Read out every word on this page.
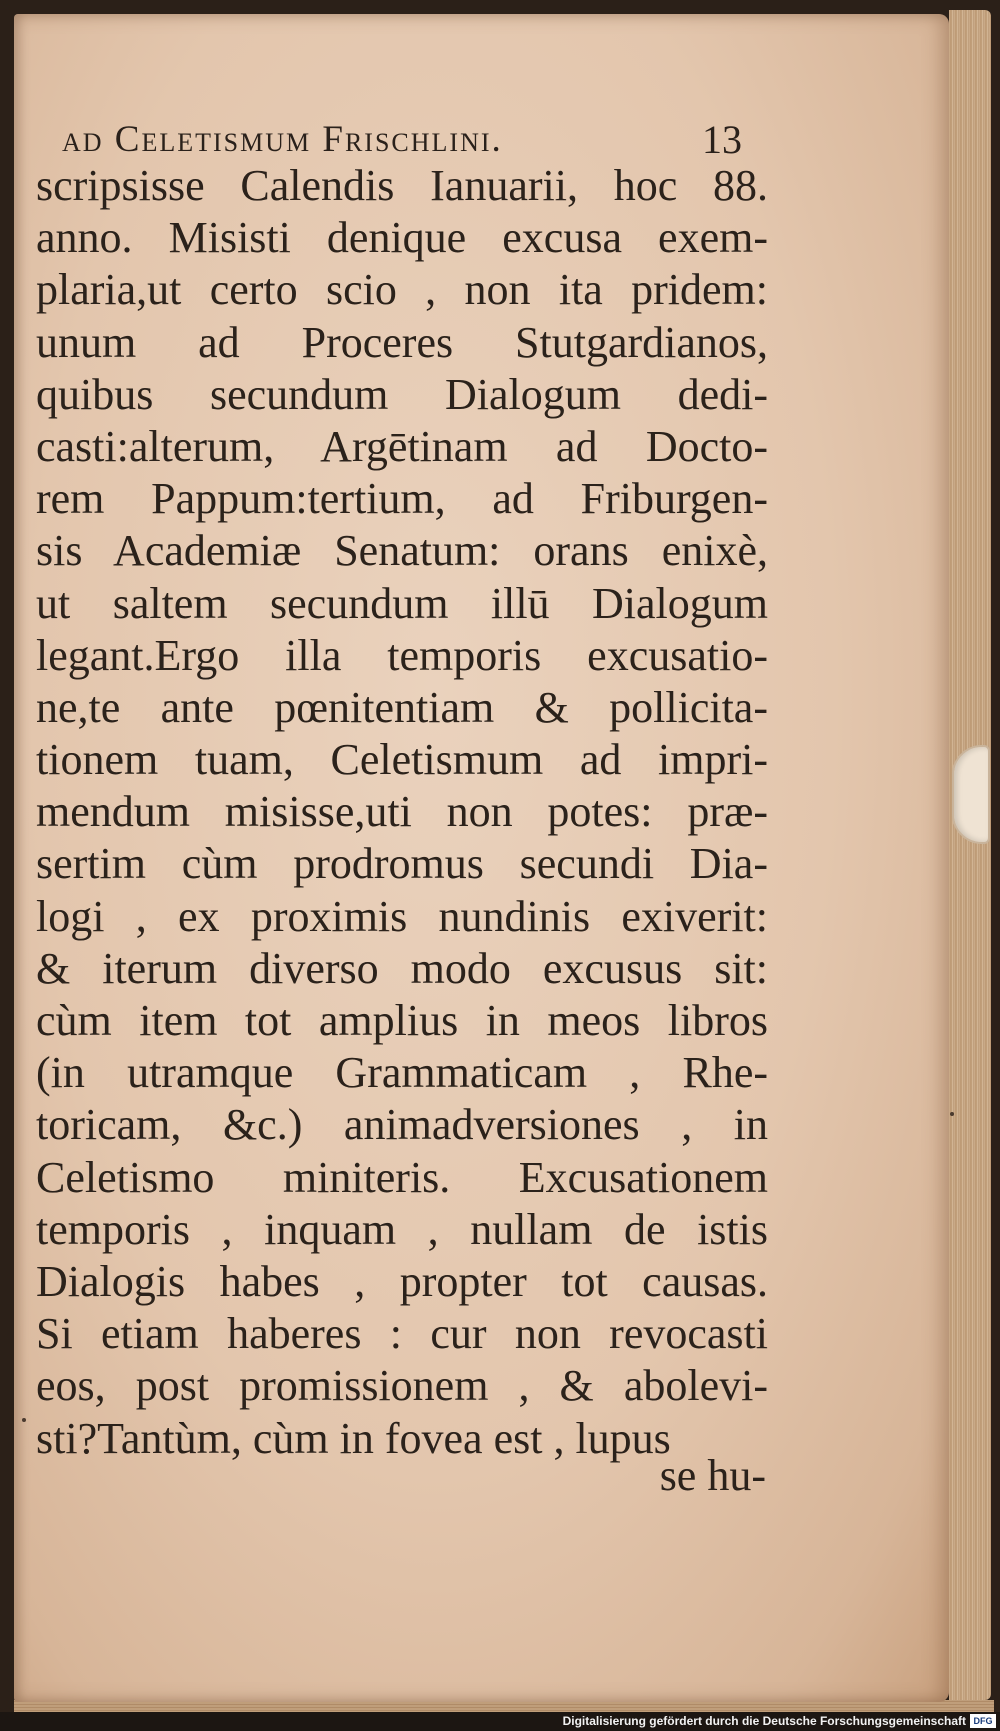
ad Celetismum Frischlini.	13
scripsisse Calendis Ianuarii, hoc 88.
anno. Misisti denique excusa exem-
plaria,ut certo scio , non ita pridem:
unum ad Proceres Stutgardianos,
quibus secundum Dialogum dedi-
casti:alterum, Argētinam ad Docto-
rem Pappum:tertium, ad Friburgen-
sis Academiæ Senatum: orans enixè,
ut saltem secundum illū Dialogum
legant.Ergo illa temporis excusatio-
ne,te ante pœnitentiam & pollicita-
tionem tuam, Celetismum ad impri-
mendum misisse,uti non potes: præ-
sertim cùm prodromus secundi Dia-
logi , ex proximis nundinis exiverit:
& iterum diverso modo excusus sit:
cùm item tot amplius in meos libros
(in utramque Grammaticam , Rhe-
toricam, &c.) animadversiones , in
Celetismo miniteris. Excusationem
temporis , inquam , nullam de istis
Dialogis habes , propter tot causas.
Si etiam haberes : cur non revocasti
eos, post promissionem , & abolevi-
sti?Tantùm, cùm in fovea est , lupus
se hu-
Digitalisierung gefördert durch die Deutsche Forschungsgemeinschaft DFG
